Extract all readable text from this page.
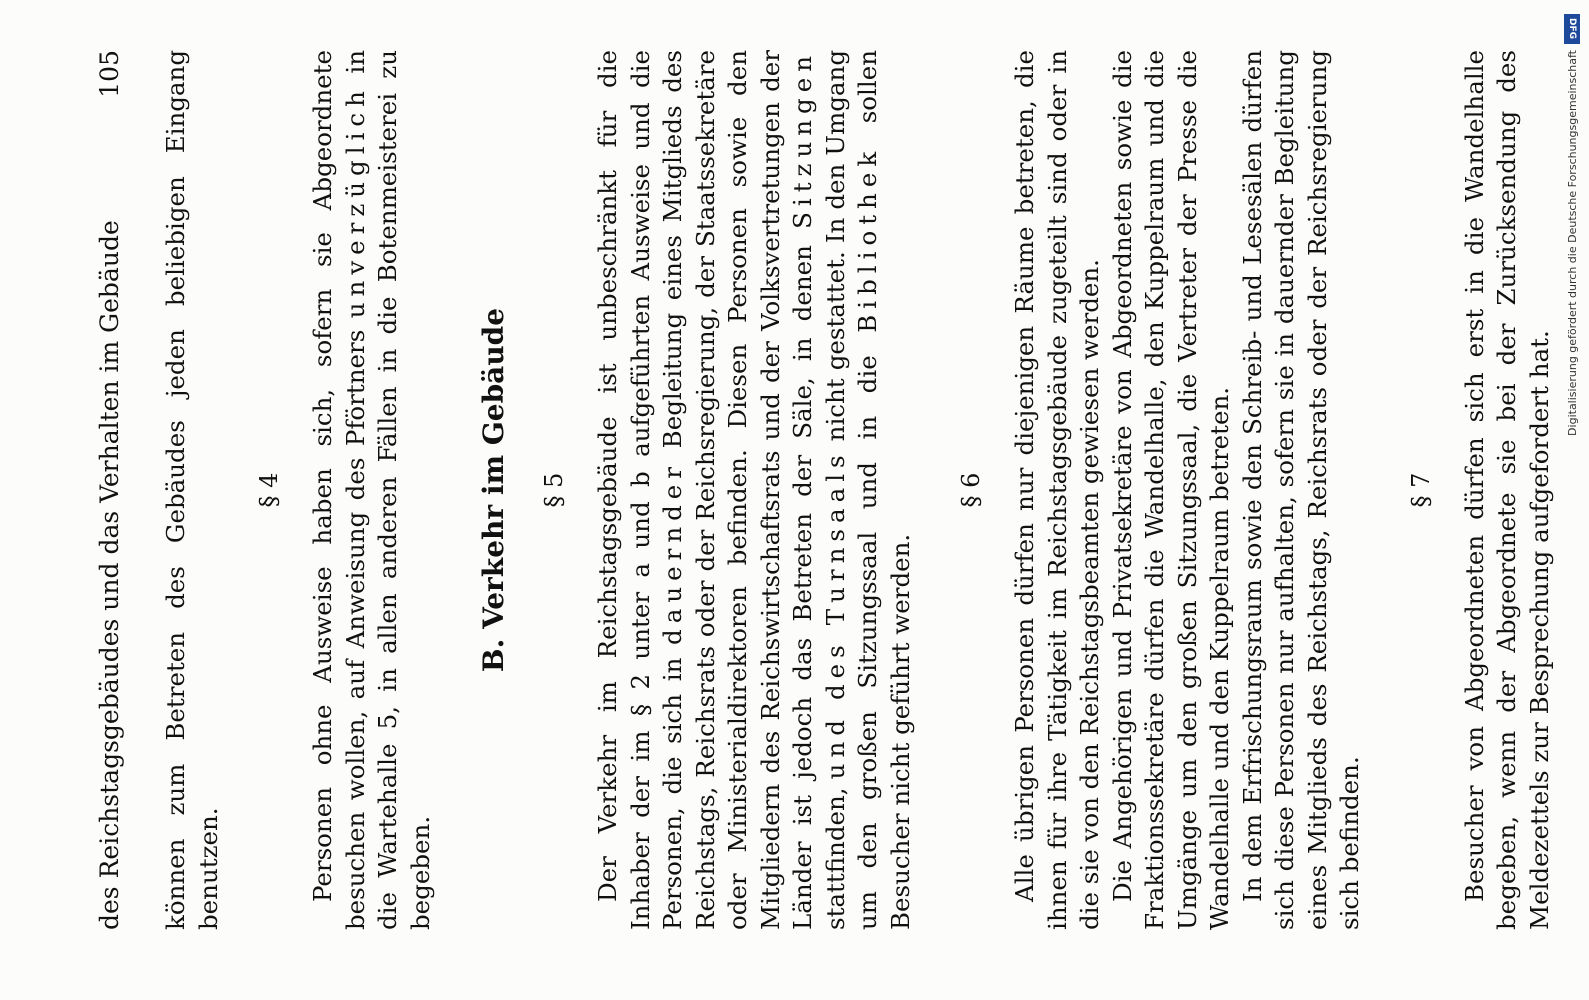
des Reichstagsgebäudes und das Verhalten im Gebäude
105 können zum Betreten des Gebäudes jeden beliebigen Eingang benutzen.

§ 4 Personen ohne Ausweise haben sich, sofern sie Abgeordnete besuchen wollen, auf Anweisung des Pförtners unverzüglich in die Wartehalle 5, in allen anderen Fällen in die Botenmeisterei zu begeben.

B. Verkehr im Gebäude § 5 Der Verkehr im Reichstagsgebäude ist unbeschränkt für die Inhaber der im § 2 unter a und b aufgeführten Ausweise und die Personen, die sich in dauernder Begleitung eines Mitglieds des Reichstags, Reichsrats oder der Reichsregierung, der Staatssekretäre oder Ministerialdirektoren befinden. Diesen Personen sowie den Mitgliedern des Reichswirtschaftsrats und der Volksvertretungen der Länder ist jedoch das Betreten der Säle, in denen Sitzungen stattfinden, und des Turnsaals nicht gestattet. In den Umgang um den großen Sitzungssaal und in die Bibliothek sollen Besucher nicht geführt werden.

§ 6 Alle übrigen Personen dürfen nur diejenigen Räume betreten, die ihnen für ihre Tätigkeit im Reichstagsgebäude zugeteilt sind oder in die sie von den Reichstagsbeamten gewiesen werden. Die Angehörigen und Privatsekretäre von Abgeordneten sowie die Fraktionssekretäre dürfen die Wandelhalle, den Kuppelraum und die Umgänge um den großen Sitzungssaal, die Vertreter der Presse die Wandelhalle und den Kuppelraum betreten. In dem Erfrischungsraum sowie den Schreib- und Lesesälen dürfen sich diese Personen nur aufhalten, sofern sie in dauernder Begleitung eines Mitglieds des Reichstags, Reichsrats oder der Reichsregierung sich befinden.

§ 7 Besucher von Abgeordneten dürfen sich erst in die Wandelhalle begeben, wenn der Abgeordnete sie bei der Zurücksendung des Meldezettels zur Besprechung aufgefordert hat.

DFG
Digitalisierung gefördert durch die Deutsche Forschungsgemeinschaft
